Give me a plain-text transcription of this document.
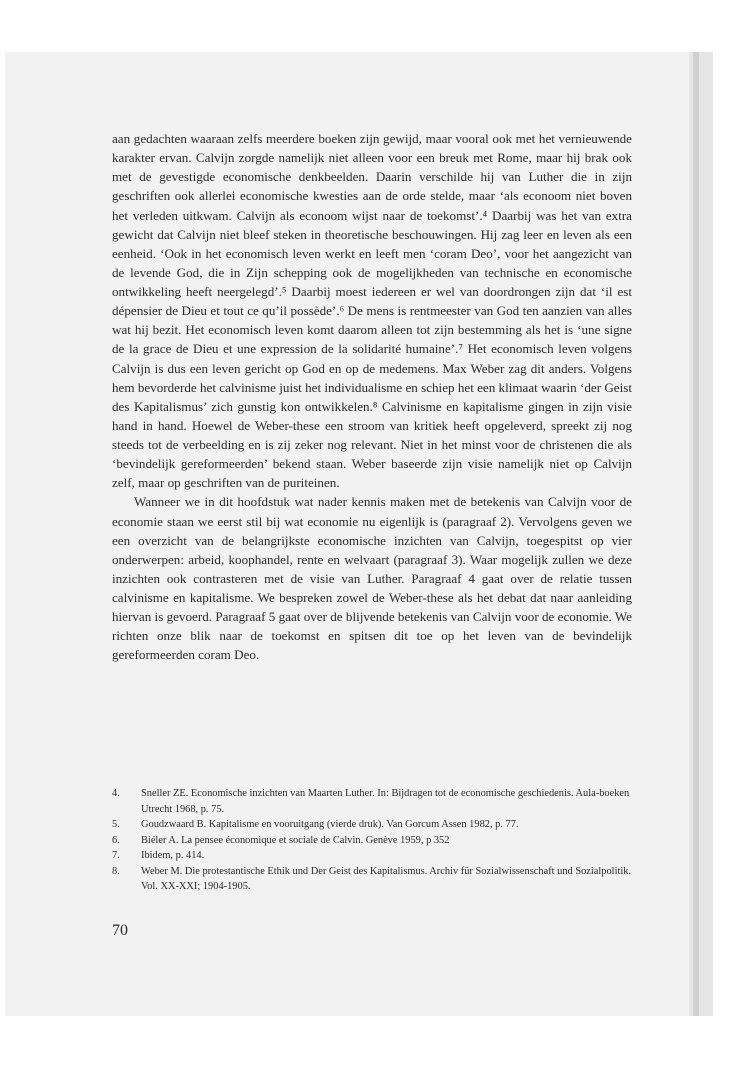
aan gedachten waaraan zelfs meerdere boeken zijn gewijd, maar vooral ook met het vernieuwende karakter ervan. Calvijn zorgde namelijk niet alleen voor een breuk met Rome, maar hij brak ook met de gevestigde economische denkbeelden. Daarin verschilde hij van Luther die in zijn geschriften ook allerlei economische kwesties aan de orde stelde, maar ‘als econoom niet boven het verleden uitkwam. Calvijn als econoom wijst naar de toekomst’.⁴ Daarbij was het van extra gewicht dat Calvijn niet bleef steken in theoretische beschouwingen. Hij zag leer en leven als een eenheid. ‘Ook in het economisch leven werkt en leeft men ‘coram Deo’, voor het aangezicht van de levende God, die in Zijn schepping ook de mogelijkheden van technische en economische ontwikkeling heeft neergelegd’.⁵ Daarbij moest iedereen er wel van doordrongen zijn dat ‘il est dépensier de Dieu et tout ce qu’il possède’.⁶ De mens is rentmeester van God ten aanzien van alles wat hij bezit. Het economisch leven komt daarom alleen tot zijn bestemming als het is ‘une signe de la grace de Dieu et une expression de la solidarité humaine’.⁷ Het economisch leven volgens Calvijn is dus een leven gericht op God en op de medemens. Max Weber zag dit anders. Volgens hem bevorderde het calvinisme juist het individualisme en schiep het een klimaat waarin ‘der Geist des Kapitalismus’ zich gunstig kon ontwikkelen.⁸ Calvinisme en kapitalisme gingen in zijn visie hand in hand. Hoewel de Weber-these een stroom van kritiek heeft opgeleverd, spreekt zij nog steeds tot de verbeelding en is zij zeker nog relevant. Niet in het minst voor de christenen die als ‘bevindelijk gereformeerden’ bekend staan. Weber baseerde zijn visie namelijk niet op Calvijn zelf, maar op geschriften van de puriteinen.

Wanneer we in dit hoofdstuk wat nader kennis maken met de betekenis van Calvijn voor de economie staan we eerst stil bij wat economie nu eigenlijk is (paragraaf 2). Vervolgens geven we een overzicht van de belangrijkste economische inzichten van Calvijn, toegespitst op vier onderwerpen: arbeid, koophandel, rente en welvaart (paragraaf 3). Waar mogelijk zullen we deze inzichten ook contrasteren met de visie van Luther. Paragraaf 4 gaat over de relatie tussen calvinisme en kapitalisme. We bespreken zowel de Weber-these als het debat dat naar aanleiding hiervan is gevoerd. Paragraaf 5 gaat over de blijvende betekenis van Calvijn voor de economie. We richten onze blik naar de toekomst en spitsen dit toe op het leven van de bevindelijk gereformeerden coram Deo.

4. Sneller ZE. Economische inzichten van Maarten Luther. In: Bijdragen tot de economische geschiedenis. Aula-boeken Utrecht 1968, p. 75.
5. Goudzwaard B. Kapitalisme en vooruitgang (vierde druk). Van Gorcum Assen 1982, p. 77.
6. Biéler A. La pensee économique et sociale de Calvin. Genève 1959, p 352
7. Ibidem, p. 414.
8. Weber M. Die protestantische Ethik und Der Geist des Kapitalismus. Archiv für Sozialwissenschaft und Sozialpolitik. Vol. XX-XXI; 1904-1905.
70
